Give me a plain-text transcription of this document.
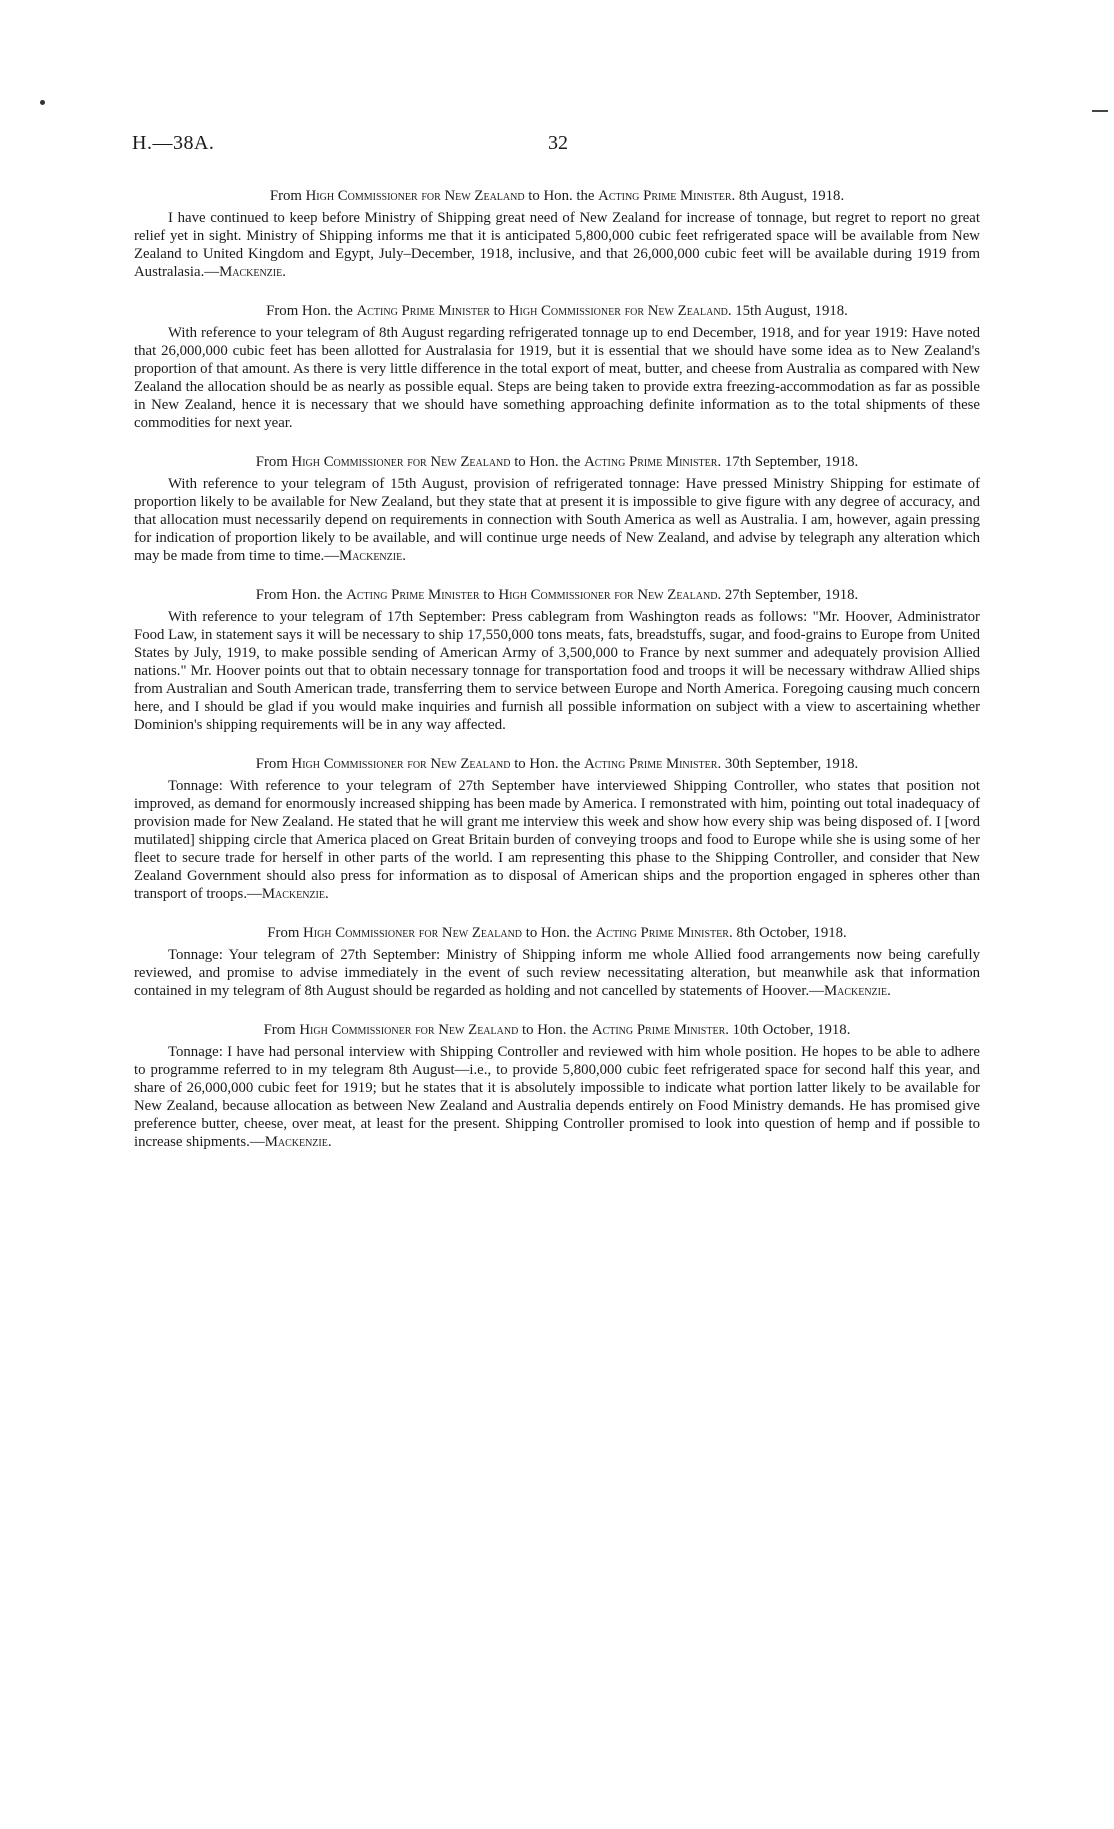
H.—38A.	32

From High Commissioner for New Zealand to Hon. the Acting Prime Minister. 8th August, 1918.

I have continued to keep before Ministry of Shipping great need of New Zealand for increase of tonnage, but regret to report no great relief yet in sight. Ministry of Shipping informs me that it is anticipated 5,800,000 cubic feet refrigerated space will be available from New Zealand to United Kingdom and Egypt, July–December, 1918, inclusive, and that 26,000,000 cubic feet will be available during 1919 from Australasia.—Mackenzie.

From Hon. the Acting Prime Minister to High Commissioner for New Zealand. 15th August, 1918.

With reference to your telegram of 8th August regarding refrigerated tonnage up to end December, 1918, and for year 1919: Have noted that 26,000,000 cubic feet has been allotted for Australasia for 1919, but it is essential that we should have some idea as to New Zealand's proportion of that amount. As there is very little difference in the total export of meat, butter, and cheese from Australia as compared with New Zealand the allocation should be as nearly as possible equal. Steps are being taken to provide extra freezing-accommodation as far as possible in New Zealand, hence it is necessary that we should have something approaching definite information as to the total shipments of these commodities for next year.

From High Commissioner for New Zealand to Hon. the Acting Prime Minister. 17th September, 1918.

With reference to your telegram of 15th August, provision of refrigerated tonnage: Have pressed Ministry Shipping for estimate of proportion likely to be available for New Zealand, but they state that at present it is impossible to give figure with any degree of accuracy, and that allocation must necessarily depend on requirements in connection with South America as well as Australia. I am, however, again pressing for indication of proportion likely to be available, and will continue urge needs of New Zealand, and advise by telegraph any alteration which may be made from time to time.—Mackenzie.

From Hon. the Acting Prime Minister to High Commissioner for New Zealand. 27th September, 1918.

With reference to your telegram of 17th September: Press cablegram from Washington reads as follows: "Mr. Hoover, Administrator Food Law, in statement says it will be necessary to ship 17,550,000 tons meats, fats, breadstuffs, sugar, and food-grains to Europe from United States by July, 1919, to make possible sending of American Army of 3,500,000 to France by next summer and adequately provision Allied nations." Mr. Hoover points out that to obtain necessary tonnage for transportation food and troops it will be necessary withdraw Allied ships from Australian and South American trade, transferring them to service between Europe and North America. Foregoing causing much concern here, and I should be glad if you would make inquiries and furnish all possible information on subject with a view to ascertaining whether Dominion's shipping requirements will be in any way affected.

From High Commissioner for New Zealand to Hon. the Acting Prime Minister. 30th September, 1918.

Tonnage: With reference to your telegram of 27th September have interviewed Shipping Controller, who states that position not improved, as demand for enormously increased shipping has been made by America. I remonstrated with him, pointing out total inadequacy of provision made for New Zealand. He stated that he will grant me interview this week and show how every ship was being disposed of. I [word mutilated] shipping circle that America placed on Great Britain burden of conveying troops and food to Europe while she is using some of her fleet to secure trade for herself in other parts of the world. I am representing this phase to the Shipping Controller, and consider that New Zealand Government should also press for information as to disposal of American ships and the proportion engaged in spheres other than transport of troops.—Mackenzie.

From High Commissioner for New Zealand to Hon. the Acting Prime Minister. 8th October, 1918.

Tonnage: Your telegram of 27th September: Ministry of Shipping inform me whole Allied food arrangements now being carefully reviewed, and promise to advise immediately in the event of such review necessitating alteration, but meanwhile ask that information contained in my telegram of 8th August should be regarded as holding and not cancelled by statements of Hoover.—Mackenzie.

From High Commissioner for New Zealand to Hon. the Acting Prime Minister. 10th October, 1918.

Tonnage: I have had personal interview with Shipping Controller and reviewed with him whole position. He hopes to be able to adhere to programme referred to in my telegram 8th August—i.e., to provide 5,800,000 cubic feet refrigerated space for second half this year, and share of 26,000,000 cubic feet for 1919; but he states that it is absolutely impossible to indicate what portion latter likely to be available for New Zealand, because allocation as between New Zealand and Australia depends entirely on Food Ministry demands. He has promised give preference butter, cheese, over meat, at least for the present. Shipping Controller promised to look into question of hemp and if possible to increase shipments.—Mackenzie.
